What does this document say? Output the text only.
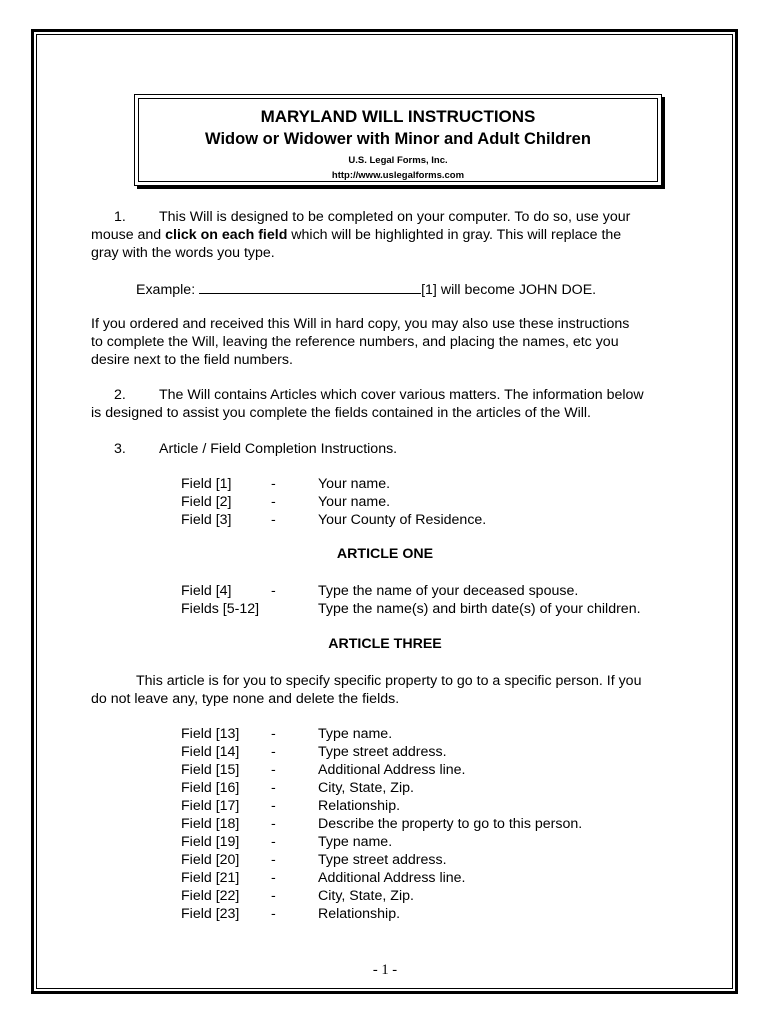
MARYLAND WILL INSTRUCTIONS
Widow or Widower with Minor and Adult Children
U.S. Legal Forms, Inc.
http://www.uslegalforms.com
1. This Will is designed to be completed on your computer. To do so, use your
mouse and click on each field which will be highlighted in gray. This will replace the
gray with the words you type.
Example:	[1] will become JOHN DOE.
If you ordered and received this Will in hard copy, you may also use these instructions
to complete the Will, leaving the reference numbers, and placing the names, etc you
desire next to the field numbers.
2. The Will contains Articles which cover various matters. The information below
is designed to assist you complete the fields contained in the articles of the Will.
3. Article / Field Completion Instructions.
Field [1]	-	Your name.
Field [2]	-	Your name.
Field [3]	-	Your County of Residence.
ARTICLE ONE
Field [4]	-	Type the name of your deceased spouse.
Fields [5-12]	Type the name(s) and birth date(s) of your children.
ARTICLE THREE
This article is for you to specify specific property to go to a specific person. If you
do not leave any, type none and delete the fields.
Field [13] -	Type name.
Field [14] -	Type street address.
Field [15] -	Additional Address line.
Field [16] -	City, State, Zip.
Field [17] -	Relationship.
Field [18] -	Describe the property to go to this person.
Field [19] -	Type name.
Field [20] -	Type street address.
Field [21] -	Additional Address line.
Field [22] -	City, State, Zip.
Field [23] -	Relationship.
- 1 -
